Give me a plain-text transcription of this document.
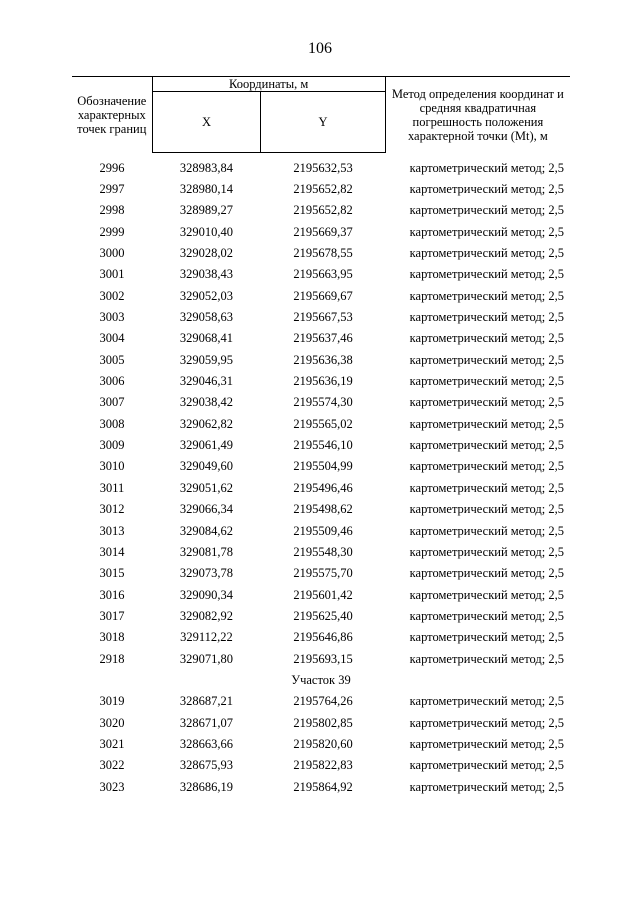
106
Обозначение характерных точек границ	Координаты, м		Метод определения координат и средняя квадратичная погрешность положения характерной точки (Mt), м
	X	Y	

2996	328983,84	2195632,53	картометрический метод; 2,5
2997	328980,14	2195652,82	картометрический метод; 2,5
2998	328989,27	2195652,82	картометрический метод; 2,5
2999	329010,40	2195669,37	картометрический метод; 2,5
3000	329028,02	2195678,55	картометрический метод; 2,5
3001	329038,43	2195663,95	картометрический метод; 2,5
3002	329052,03	2195669,67	картометрический метод; 2,5
3003	329058,63	2195667,53	картометрический метод; 2,5
3004	329068,41	2195637,46	картометрический метод; 2,5
3005	329059,95	2195636,38	картометрический метод; 2,5
3006	329046,31	2195636,19	картометрический метод; 2,5
3007	329038,42	2195574,30	картометрический метод; 2,5
3008	329062,82	2195565,02	картометрический метод; 2,5
3009	329061,49	2195546,10	картометрический метод; 2,5
3010	329049,60	2195504,99	картометрический метод; 2,5
3011	329051,62	2195496,46	картометрический метод; 2,5
3012	329066,34	2195498,62	картометрический метод; 2,5
3013	329084,62	2195509,46	картометрический метод; 2,5
3014	329081,78	2195548,30	картометрический метод; 2,5
3015	329073,78	2195575,70	картометрический метод; 2,5
3016	329090,34	2195601,42	картометрический метод; 2,5
3017	329082,92	2195625,40	картометрический метод; 2,5
3018	329112,22	2195646,86	картометрический метод; 2,5
2918	329071,80	2195693,15	картометрический метод; 2,5
Участок 39			
3019	328687,21	2195764,26	картометрический метод; 2,5
3020	328671,07	2195802,85	картометрический метод; 2,5
3021	328663,66	2195820,60	картометрический метод; 2,5
3022	328675,93	2195822,83	картометрический метод; 2,5
3023	328686,19	2195864,92	картометрический метод; 2,5
